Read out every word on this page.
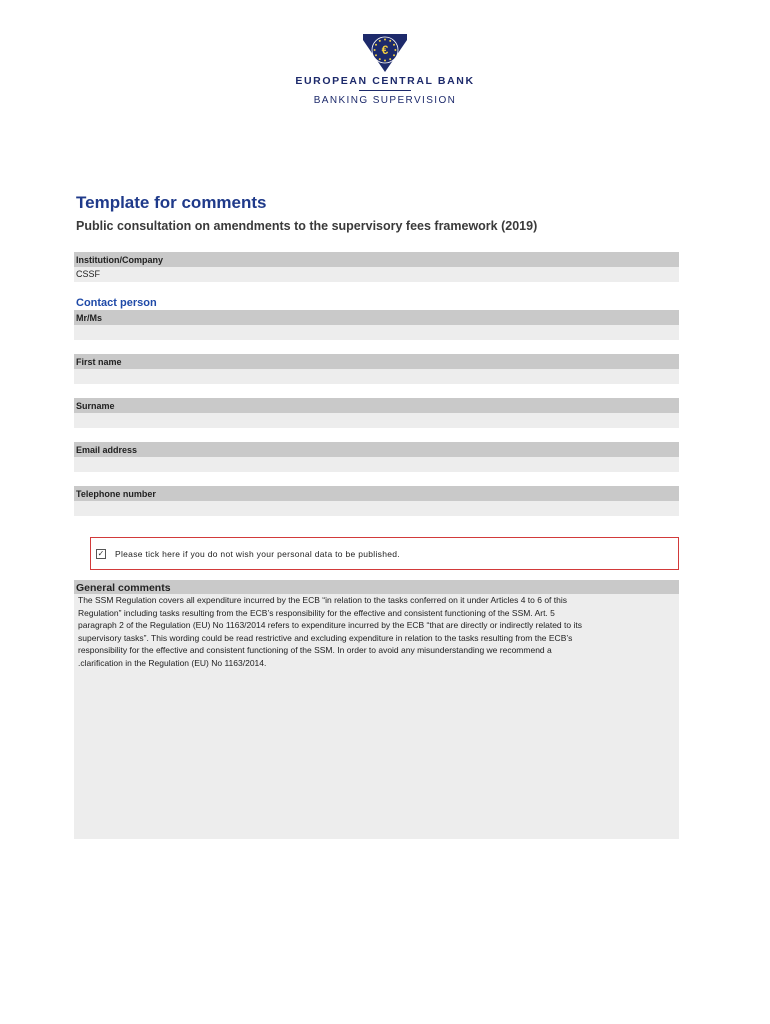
€
EUROPEAN CENTRAL BANK
BANKING SUPERVISION
Template for comments
Public consultation on amendments to the supervisory fees framework (2019)
Institution/Company
CSSF
Contact person
Mr/Ms
First name
Surname
Email address
Telephone number
✓ Please tick here if you do not wish your personal data to be published.
General comments
The SSM Regulation covers all expenditure incurred by the ECB “in relation to the tasks conferred on it under Articles 4 to 6 of this
Regulation” including tasks resulting from the ECB’s responsibility for the effective and consistent functioning of the SSM. Art. 5
paragraph 2 of the Regulation (EU) No 1163/2014 refers to expenditure incurred by the ECB “that are directly or indirectly related to its
supervisory tasks”. This wording could be read restrictive and excluding expenditure in relation to the tasks resulting from the ECB’s
responsibility for the effective and consistent functioning of the SSM. In order to avoid any misunderstanding we recommend a
.clarification in the Regulation (EU) No 1163/2014.
